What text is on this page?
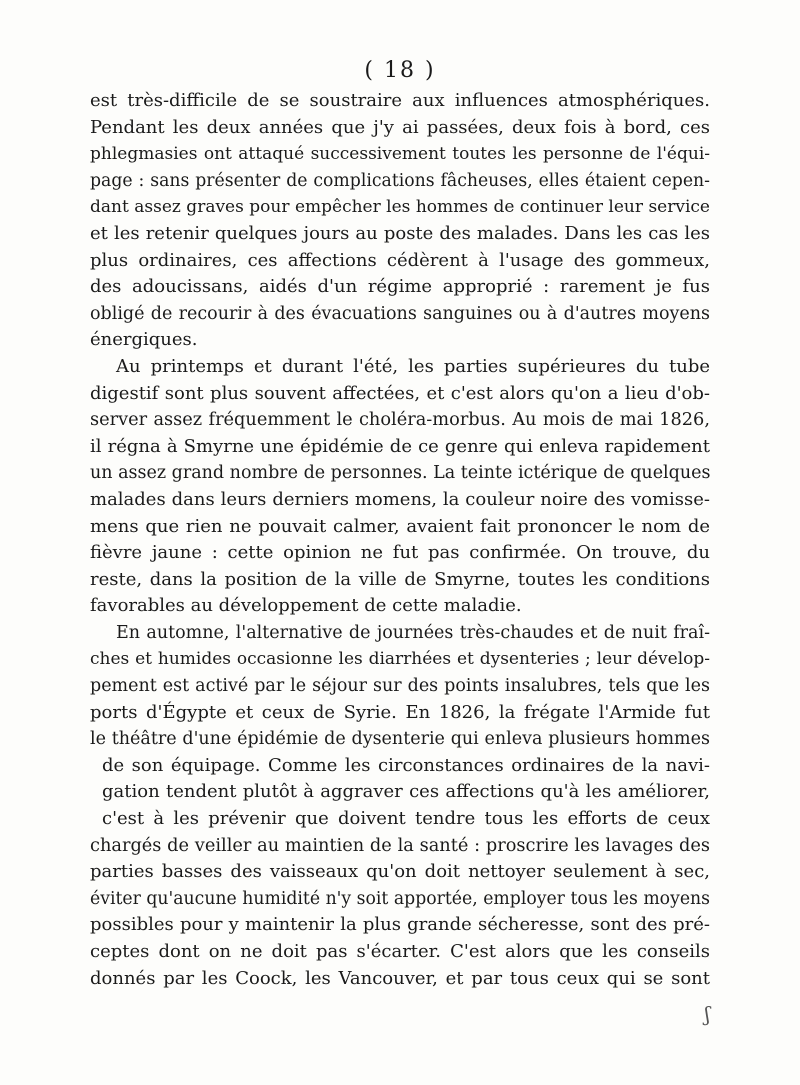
( 18 )
est très-difficile de se soustraire aux influences atmosphériques.
Pendant les deux années que j'y ai passées, deux fois à bord, ces
phlegmasies ont attaqué successivement toutes les personne de l'équi-
page : sans présenter de complications fâcheuses, elles étaient cepen-
dant assez graves pour empêcher les hommes de continuer leur service
et les retenir quelques jours au poste des malades. Dans les cas les
plus ordinaires, ces affections cédèrent à l'usage des gommeux,
des adoucissans, aidés d'un régime approprié : rarement je fus
obligé de recourir à des évacuations sanguines ou à d'autres moyens
énergiques.
Au printemps et durant l'été, les parties supérieures du tube
digestif sont plus souvent affectées, et c'est alors qu'on a lieu d'ob-
server assez fréquemment le choléra-morbus. Au mois de mai 1826,
il régna à Smyrne une épidémie de ce genre qui enleva rapidement
un assez grand nombre de personnes. La teinte ictérique de quelques
malades dans leurs derniers momens, la couleur noire des vomisse-
mens que rien ne pouvait calmer, avaient fait prononcer le nom de
fièvre jaune : cette opinion ne fut pas confirmée. On trouve, du
reste, dans la position de la ville de Smyrne, toutes les conditions
favorables au développement de cette maladie.
En automne, l'alternative de journées très-chaudes et de nuit fraî-
ches et humides occasionne les diarrhées et dysenteries ; leur dévelop-
pement est activé par le séjour sur des points insalubres, tels que les
ports d'Égypte et ceux de Syrie. En 1826, la frégate l'Armide fut
le théâtre d'une épidémie de dysenterie qui enleva plusieurs hommes
de son équipage. Comme les circonstances ordinaires de la navi-
gation tendent plutôt à aggraver ces affections qu'à les améliorer,
c'est à les prévenir que doivent tendre tous les efforts de ceux
chargés de veiller au maintien de la santé : proscrire les lavages des
parties basses des vaisseaux qu'on doit nettoyer seulement à sec,
éviter qu'aucune humidité n'y soit apportée, employer tous les moyens
possibles pour y maintenir la plus grande sécheresse, sont des pré-
ceptes dont on ne doit pas s'écarter. C'est alors que les conseils
donnés par les Coock, les Vancouver, et par tous ceux qui se sont
ʃ
